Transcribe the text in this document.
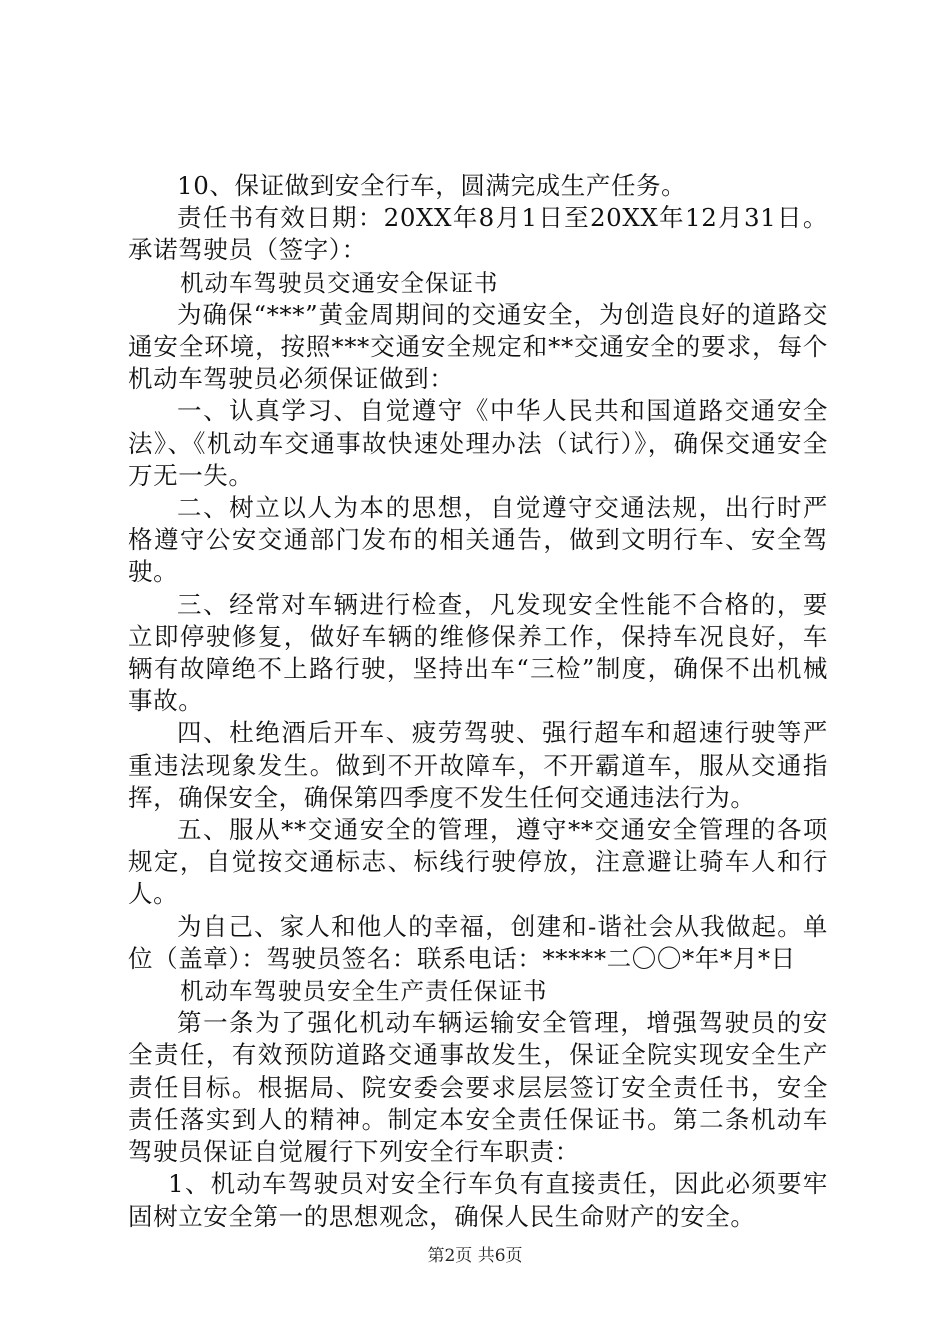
10、保证做到安全行车，圆满完成生产任务。

责任书有效日期：20XX年8月1日至20XX年12月31日。承诺驾驶员（签字）：

机动车驾驶员交通安全保证书

为确保“***”黄金周期间的交通安全，为创造良好的道路交通安全环境，按照***交通安全规定和**交通安全的要求，每个机动车驾驶员必须保证做到：

一、认真学习、自觉遵守《中华人民共和国道路交通安全法》、《机动车交通事故快速处理办法（试行）》，确保交通安全万无一失。

二、树立以人为本的思想，自觉遵守交通法规，出行时严格遵守公安交通部门发布的相关通告，做到文明行车、安全驾驶。

三、经常对车辆进行检查，凡发现安全性能不合格的，要立即停驶修复，做好车辆的维修保养工作，保持车况良好，车辆有故障绝不上路行驶，坚持出车“三检”制度，确保不出机械事故。

四、杜绝酒后开车、疲劳驾驶、强行超车和超速行驶等严重违法现象发生。做到不开故障车，不开霸道车，服从交通指挥，确保安全，确保第四季度不发生任何交通违法行为。

五、服从**交通安全的管理，遵守**交通安全管理的各项规定，自觉按交通标志、标线行驶停放，注意避让骑车人和行人。

为自己、家人和他人的幸福，创建和-谐社会从我做起。单位（盖章）：驾驶员签名：联系电话：*****二〇〇*年*月*日

机动车驾驶员安全生产责任保证书

第一条为了强化机动车辆运输安全管理，增强驾驶员的安全责任，有效预防道路交通事故发生，保证全院实现安全生产责任目标。根据局、院安委会要求层层签订安全责任书，安全责任落实到人的精神。制定本安全责任保证书。第二条机动车驾驶员保证自觉履行下列安全行车职责：

1、机动车驾驶员对安全行车负有直接责任，因此必须要牢固树立安全第一的思想观念，确保人民生命财产的安全。

第2页 共6页
